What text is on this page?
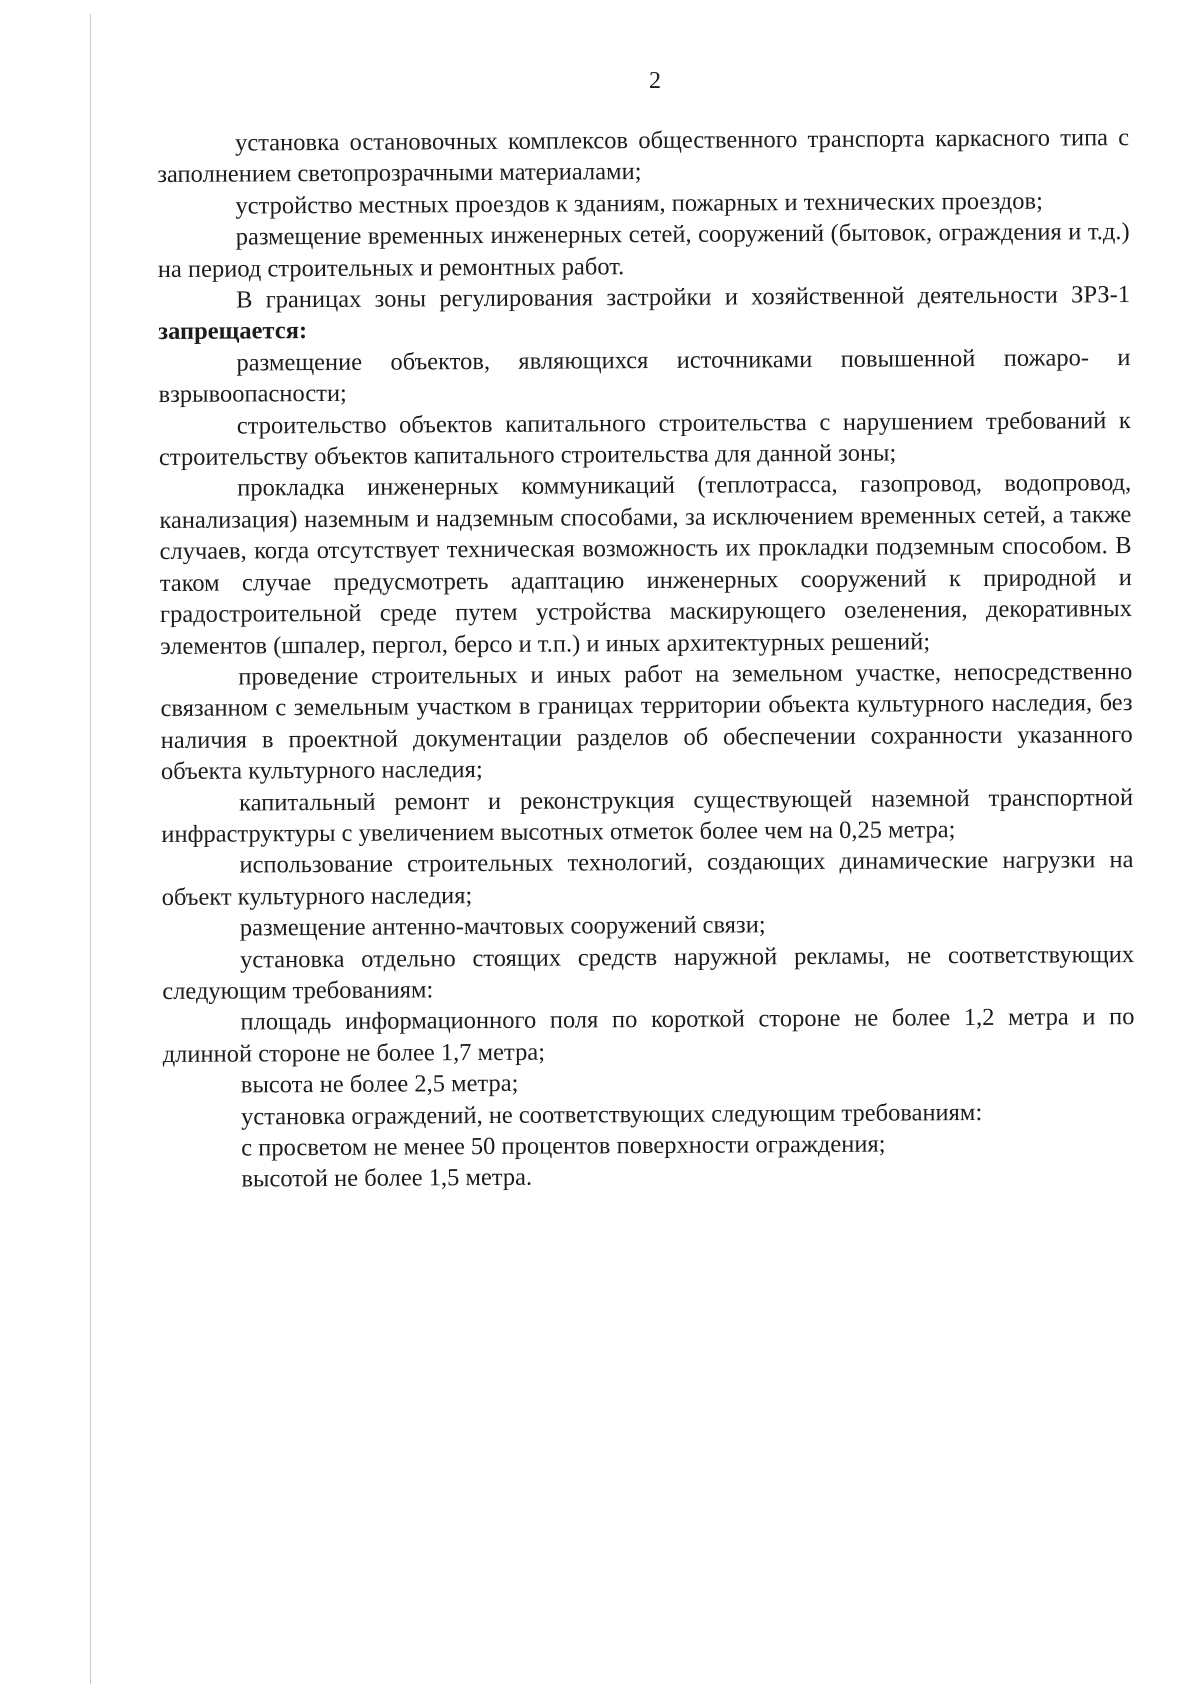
2

установка остановочных комплексов общественного транспорта каркасного типа с заполнением светопрозрачными материалами;

устройство местных проездов к зданиям, пожарных и технических проездов;

размещение временных инженерных сетей, сооружений (бытовок, ограждения и т.д.) на период строительных и ремонтных работ.

В границах зоны регулирования застройки и хозяйственной деятельности ЗРЗ-1 запрещается:

размещение объектов, являющихся источниками повышенной пожаро- и взрывоопасности;

строительство объектов капитального строительства с нарушением требований к строительству объектов капитального строительства для данной зоны;

прокладка инженерных коммуникаций (теплотрасса, газопровод, водопровод, канализация) наземным и надземным способами, за исключением временных сетей, а также случаев, когда отсутствует техническая возможность их прокладки подземным способом. В таком случае предусмотреть адаптацию инженерных сооружений к природной и градостроительной среде путем устройства маскирующего озеленения, декоративных элементов (шпалер, пергол, берсо и т.п.) и иных архитектурных решений;

проведение строительных и иных работ на земельном участке, непосредственно связанном с земельным участком в границах территории объекта культурного наследия, без наличия в проектной документации разделов об обеспечении сохранности указанного объекта культурного наследия;

капитальный ремонт и реконструкция существующей наземной транспортной инфраструктуры с увеличением высотных отметок более чем на 0,25 метра;

использование строительных технологий, создающих динамические нагрузки на объект культурного наследия;

размещение антенно-мачтовых сооружений связи;

установка отдельно стоящих средств наружной рекламы, не соответствующих следующим требованиям:

площадь информационного поля по короткой стороне не более 1,2 метра и по длинной стороне не более 1,7 метра;

высота не более 2,5 метра;

установка ограждений, не соответствующих следующим требованиям:

с просветом не менее 50 процентов поверхности ограждения;

высотой не более 1,5 метра.
